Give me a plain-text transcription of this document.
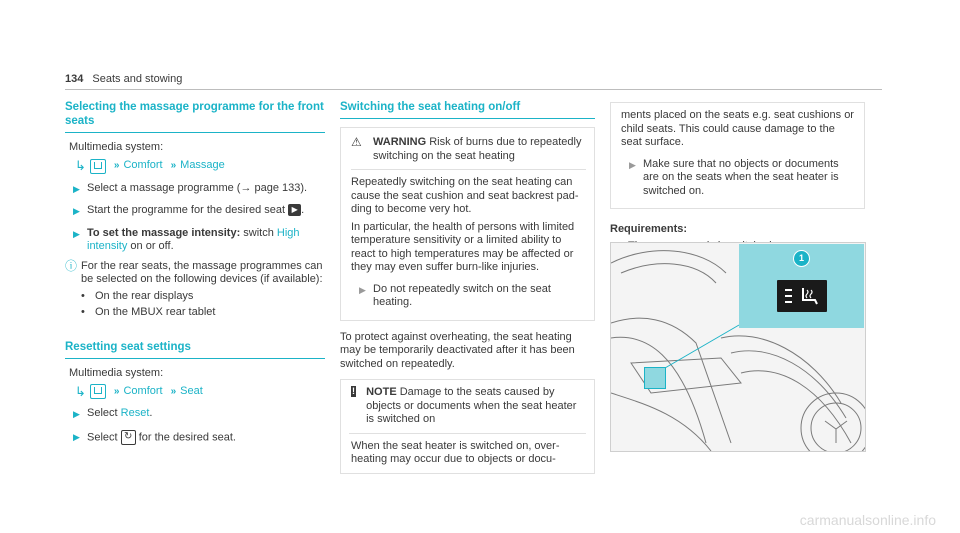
134 Seats and stowing
Selecting the massage programme for the front seats

Multimedia system:

↳	» Comfort » Massage
▶ Select a massage programme (→ page 133).
▶ Start the programme for the desired seat ▶ .
▶ To set the massage intensity: switch High intensity on or off.
ⓘ For the rear seats, the massage programmes can be selected on the following devices (if available):
• On the rear displays
• On the MBUX rear tablet
Resetting seat settings

Multimedia system:

↳	» Comfort » Seat
▶ Select Reset.
▶ Select ↻ for the desired seat.
Switching the seat heating on/off
⚠	WARNING Risk of burns due to repeatedly switching on the seat heating

Repeatedly switching on the seat heating can cause the seat cushion and seat backrest pad-ding to become very hot.

In particular, the health of persons with limited temperature sensitivity or a limited ability to react to high temperatures may be affected or they may even suffer burn-like injuries.

▶ Do not repeatedly switch on the seat heating.

To protect against overheating, the seat heating may be temporarily deactivated after it has been switched on repeatedly.

! NOTE Damage to the seats caused by objects or documents when the seat heater is switched on
When the seat heater is switched on, over-heating may occur due to objects or docu-

ments placed on the seats e.g. seat cushions or child seats. This could cause damage to the seat surface.

▶ Make sure that no objects or documents are on the seats when the seat heater is switched on.
Requirements:
1
carmanualsonline.info
